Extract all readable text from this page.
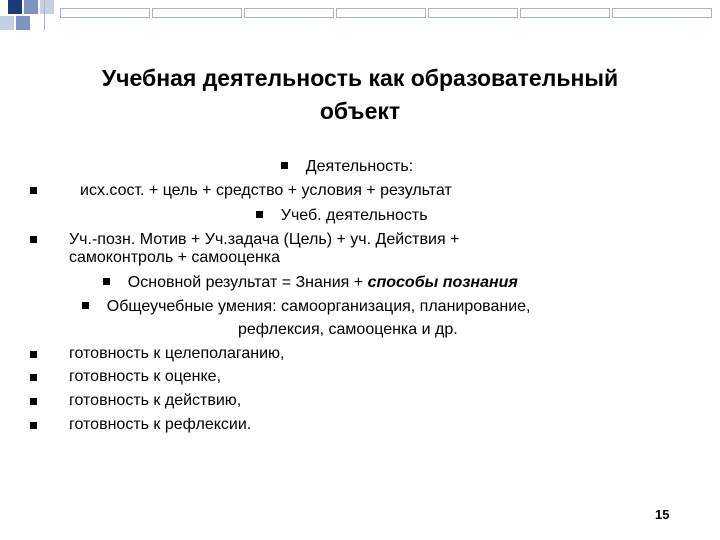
Учебная деятельность как образовательный
объект
Деятельность:
исх.сост. + цель + средство + условия + результат
Учеб. деятельность
Уч.-позн. Мотив + Уч.задача (Цель) + уч. Действия +
самоконтроль + самооценка
Основной результат = Знания + способы познания
Общеучебные умения: самоорганизация, планирование,
рефлексия, самооценка и др.
готовность к целеполаганию,
готовность к оценке,
готовность к действию,
готовность к рефлексии.
15
